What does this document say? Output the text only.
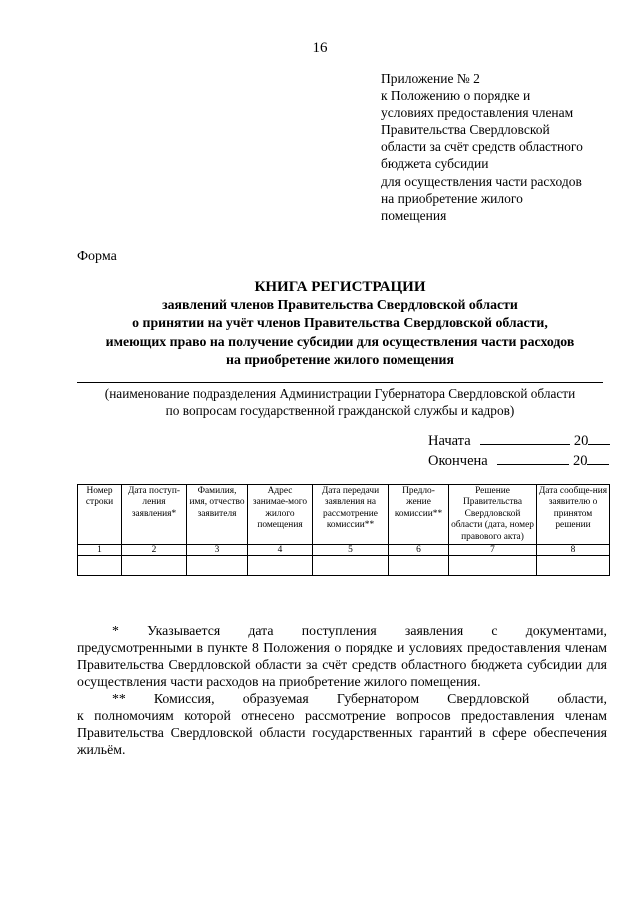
16
Приложение № 2
к Положению о порядке и
условиях предоставления членам
Правительства Свердловской
области за счёт средств областного
бюджета субсидии
для осуществления части расходов
на приобретение жилого
помещения
Форма
КНИГА РЕГИСТРАЦИИ
заявлений членов Правительства Свердловской области
о принятии на учёт членов Правительства Свердловской области,
имеющих право на получение субсидии для осуществления части расходов
на приобретение жилого помещения
(наименование подразделения Администрации Губернатора Свердловской области
по вопросам государственной гражданской службы и кадров)
Начата	20
Окончена	20
Номер строки	Дата поступ-ления заявления*	Фамилия, имя, отчество заявителя	Адрес занимае-мого жилого помещения	Дата передачи заявления на рассмотрение комиссии**	Предло-жение комиссии**	Решение Правительства Свердловской области (дата, номер правового акта)	Дата сообще-ния заявителю о принятом решении
1	2	3	4	5	6	7	8

* Указывается дата поступления заявления с документами,

предусмотренными в пункте 8 Положения о порядке и условиях предоставления членам Правительства Свердловской области за счёт средств областного бюджета субсидии для осуществления части расходов на приобретение жилого помещения.

** Комиссия, образуемая Губернатором Свердловской области,

к полномочиям которой отнесено рассмотрение вопросов предоставления членам Правительства Свердловской области государственных гарантий в сфере обеспечения жильём.
